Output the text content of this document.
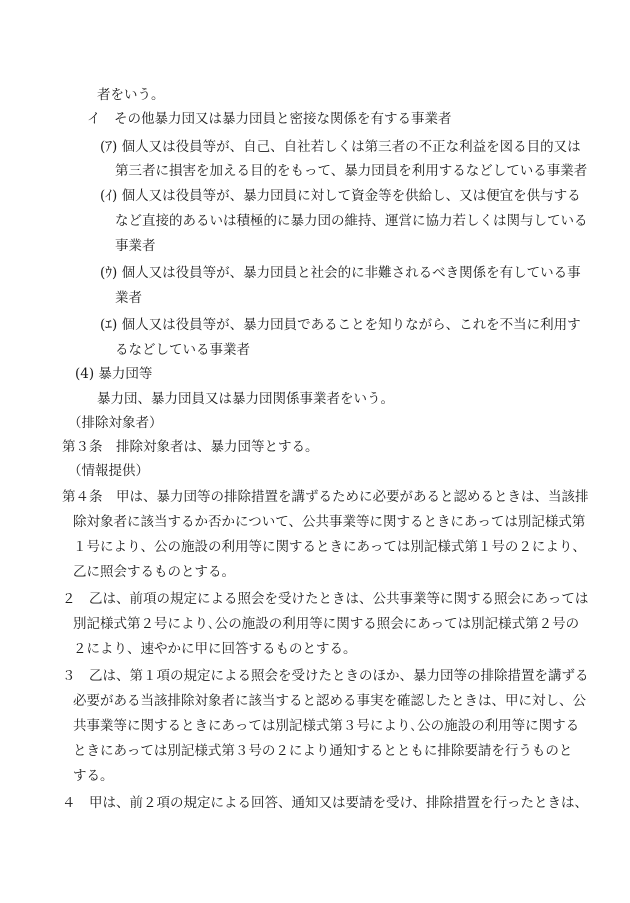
者をいう。
イ　その他暴力団又は暴力団員と密接な関係を有する事業者
(ｱ) 個人又は役員等が、自己、自社若しくは第三者の不正な利益を図る目的又は
第三者に損害を加える目的をもって、暴力団員を利用するなどしている事業者
(ｲ) 個人又は役員等が、暴力団員に対して資金等を供給し、又は便宜を供与する
など直接的あるいは積極的に暴力団の維持、運営に協力若しくは関与している
事業者
(ｳ) 個人又は役員等が、暴力団員と社会的に非難されるべき関係を有している事
業者
(ｴ) 個人又は役員等が、暴力団員であることを知りながら、これを不当に利用す
るなどしている事業者
(4) 暴力団等
暴力団、暴力団員又は暴力団関係事業者をいう。
（排除対象者）
第３条　排除対象者は、暴力団等とする。
（情報提供）
第４条　甲は、暴力団等の排除措置を講ずるために必要があると認めるときは、当該排
除対象者に該当するか否かについて、公共事業等に関するときにあっては別記様式第
１号により、公の施設の利用等に関するときにあっては別記様式第１号の２により、
乙に照会するものとする。
２　乙は、前項の規定による照会を受けたときは、公共事業等に関する照会にあっては
別記様式第２号により､公の施設の利用等に関する照会にあっては別記様式第２号の
２により、速やかに甲に回答するものとする。
３　乙は、第１項の規定による照会を受けたときのほか、暴力団等の排除措置を講ずる
必要がある当該排除対象者に該当すると認める事実を確認したときは、甲に対し、公
共事業等に関するときにあっては別記様式第３号により､公の施設の利用等に関する
ときにあっては別記様式第３号の２により通知するとともに排除要請を行うものと
する。
４　甲は、前２項の規定による回答、通知又は要請を受け、排除措置を行ったときは、
